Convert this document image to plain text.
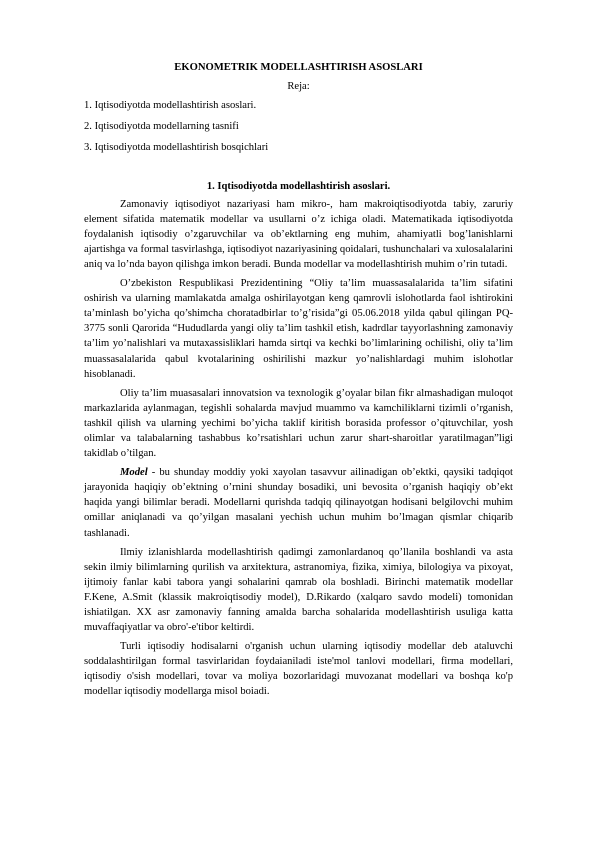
EKONOMETRIK MODELLASHTIRISH ASOSLARI
Reja:
1. Iqtisodiyotda modellashtirish asoslari.
2. Iqtisodiyotda modellarning tasnifi
3. Iqtisodiyotda modellashtirish bosqichlari
1. Iqtisodiyotda modellashtirish asoslari.

Zamonaviy iqtisodiyot nazariyasi ham mikro-, ham makroiqtisodiyotda tabiy, zaruriy element sifatida matematik modellar va usullarni o’z ichiga oladi. Matematikada iqtisodiyotda foydalanish iqtisodiy o’zgaruvchilar va ob’ektlarning eng muhim, ahamiyatli bog’lanishlarni ajartishga va formal tasvirlashga, iqtisodiyot nazariyasining qoidalari, tushunchalari va xulosalalarini aniq va lo’nda bayon qilishga imkon beradi. Bunda modellar va modellashtirish muhim o’rin tutadi.

O’zbekiston Respublikasi Prezidentining “Oliy ta’lim muassasalalarida ta’lim sifatini oshirish va ularning mamlakatda amalga oshirilayotgan keng qamrovli islohotlarda faol ishtirokini ta’minlash bo’yicha qo’shimcha choratadbirlar to’g’risida”gi 05.06.2018 yilda qabul qilingan PQ-3775 sonli Qarorida “Hududlarda yangi oliy ta’lim tashkil etish, kadrdlar tayyorlashning zamonaviy ta’lim yo’nalishlari va mutaxassisliklari hamda sirtqi va kechki bo’limlarining ochilishi, oliy ta’lim muassasalalarida qabul kvotalarining oshirilishi mazkur yo’nalishlardagi muhim islohotlar hisoblanadi.

Oliy ta’lim muasasalari innovatsion va texnologik g’oyalar bilan fikr almashadigan muloqot markazlarida aylanmagan, tegishli sohalarda mavjud muammo va kamchiliklarni tizimli o’rganish, tashkil qilish va ularning yechimi bo’yicha taklif kiritish borasida professor o’qituvchilar, yosh olimlar va talabalarning tashabbus ko’rsatishlari uchun zarur shart-sharoitlar yaratilmagan”ligi takidlab o’tilgan.

Model - bu shunday moddiy yoki xayolan tasavvur ailinadigan ob’ektki, qaysiki tadqiqot jarayonida haqiqiy ob’ektning o’rnini shunday bosadiki, uni bevosita o’rganish haqiqiy ob’ekt haqida yangi bilimlar beradi. Modellarni qurishda tadqiq qilinayotgan hodisani belgilovchi muhim omillar aniqlanadi va qo’yilgan masalani yechish uchun muhim bo’lmagan qismlar chiqarib tashlanadi.

Ilmiy izlanishlarda modellashtirish qadimgi zamonlardanoq qo’llanila boshlandi va asta sekin ilmiy bilimlarning qurilish va arxitektura, astranomiya, fizika, ximiya, bilologiya va pixoyat, ijtimoiy fanlar kabi tabora yangi sohalarini qamrab ola boshladi. Birinchi matematik modellar F.Kene, A.Smit (klassik makroiqtisodiy model), D.Rikardo (xalqaro savdo modeli) tomonidan ishiatilgan. XX asr zamonaviy fanning amalda barcha sohalarida modellashtirish usuliga katta muvaffaqiyatlar va obro'-e'tibor keltirdi.

Turli iqtisodiy hodisalarni o'rganish uchun ularning iqtisodiy modellar deb ataluvchi soddalashtirilgan formal tasvirlaridan foydaianiladi iste'mol tanlovi modellari, firma modellari, iqtisodiy o'sish modellari, tovar va moliya bozorlaridagi muvozanat modellari va boshqa ko'p modellar iqtisodiy modellarga misol boiadi.
